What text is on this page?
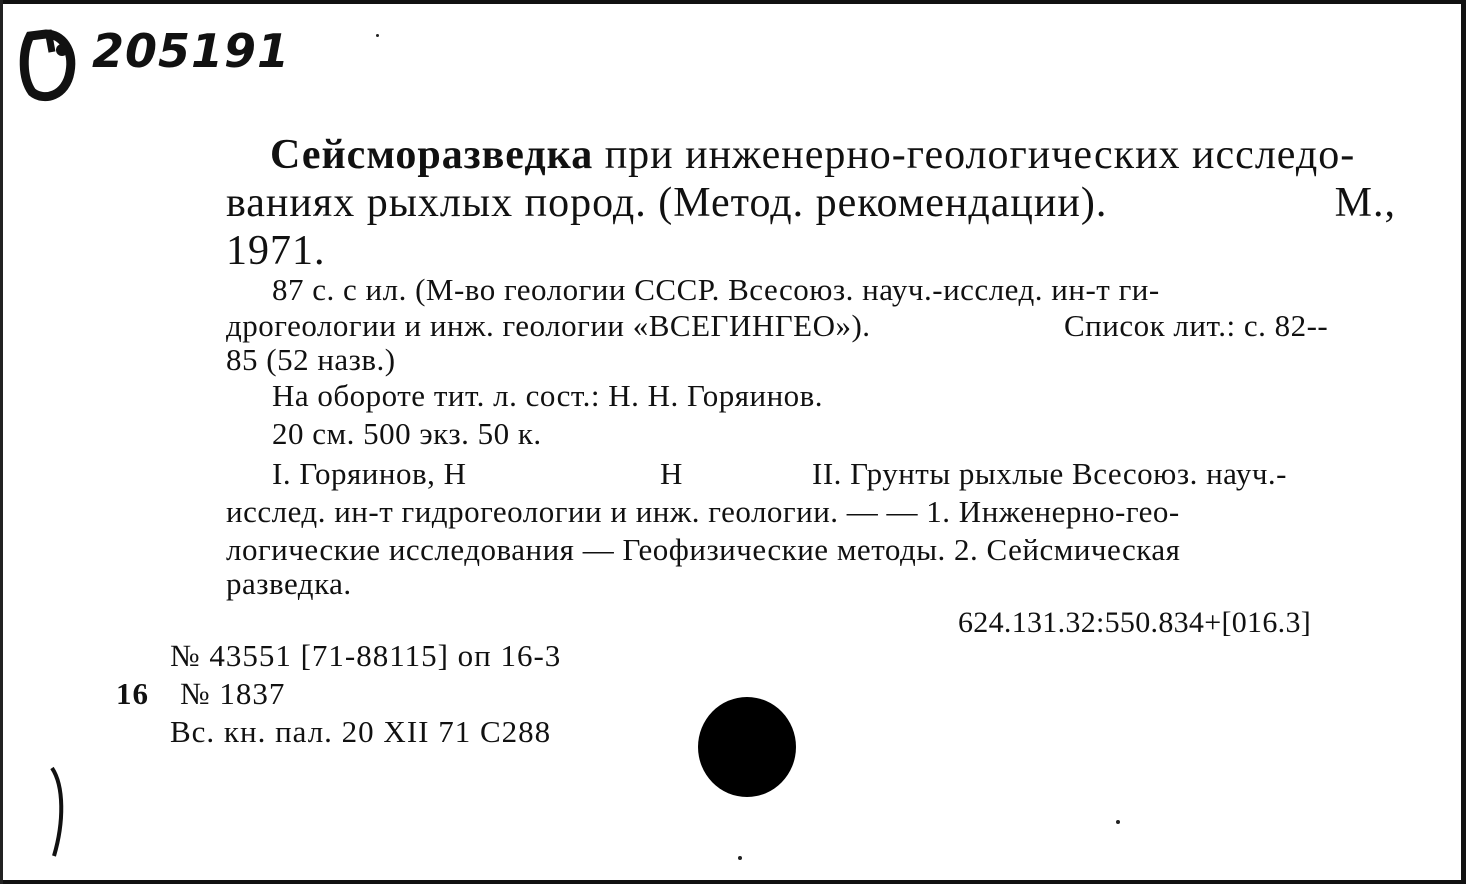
205191
Сейсморазведка при инженерно-геологических исследо-
ваниях рыхлых пород. (Метод. рекомендации).	М.,
1971.
87 с. с ил. (М-во геологии СССР. Всесоюз. науч.-исслед. ин-т ги-
дрогеологии и инж. геологии «ВСЕГИНГЕО»).	Список лит.: с. 82--
85 (52 назв.)
На обороте тит. л. сост.: Н. Н. Горяинов.
20 см. 500 экз. 50 к.
I. Горяинов, Н	Н	II. Грунты рыхлые Всесоюз. науч.-
исслед. ин-т гидрогеологии и инж. геологии. — — 1. Инженерно-гео-
логические исследования — Геофизические методы. 2. Сейсмическая
разведка.
624.131.32:550.834+[016.3]
№ 43551 [71-88115] оп 16-3
16 № 1837
Вс. кн. пал. 20 XII 71 С288
